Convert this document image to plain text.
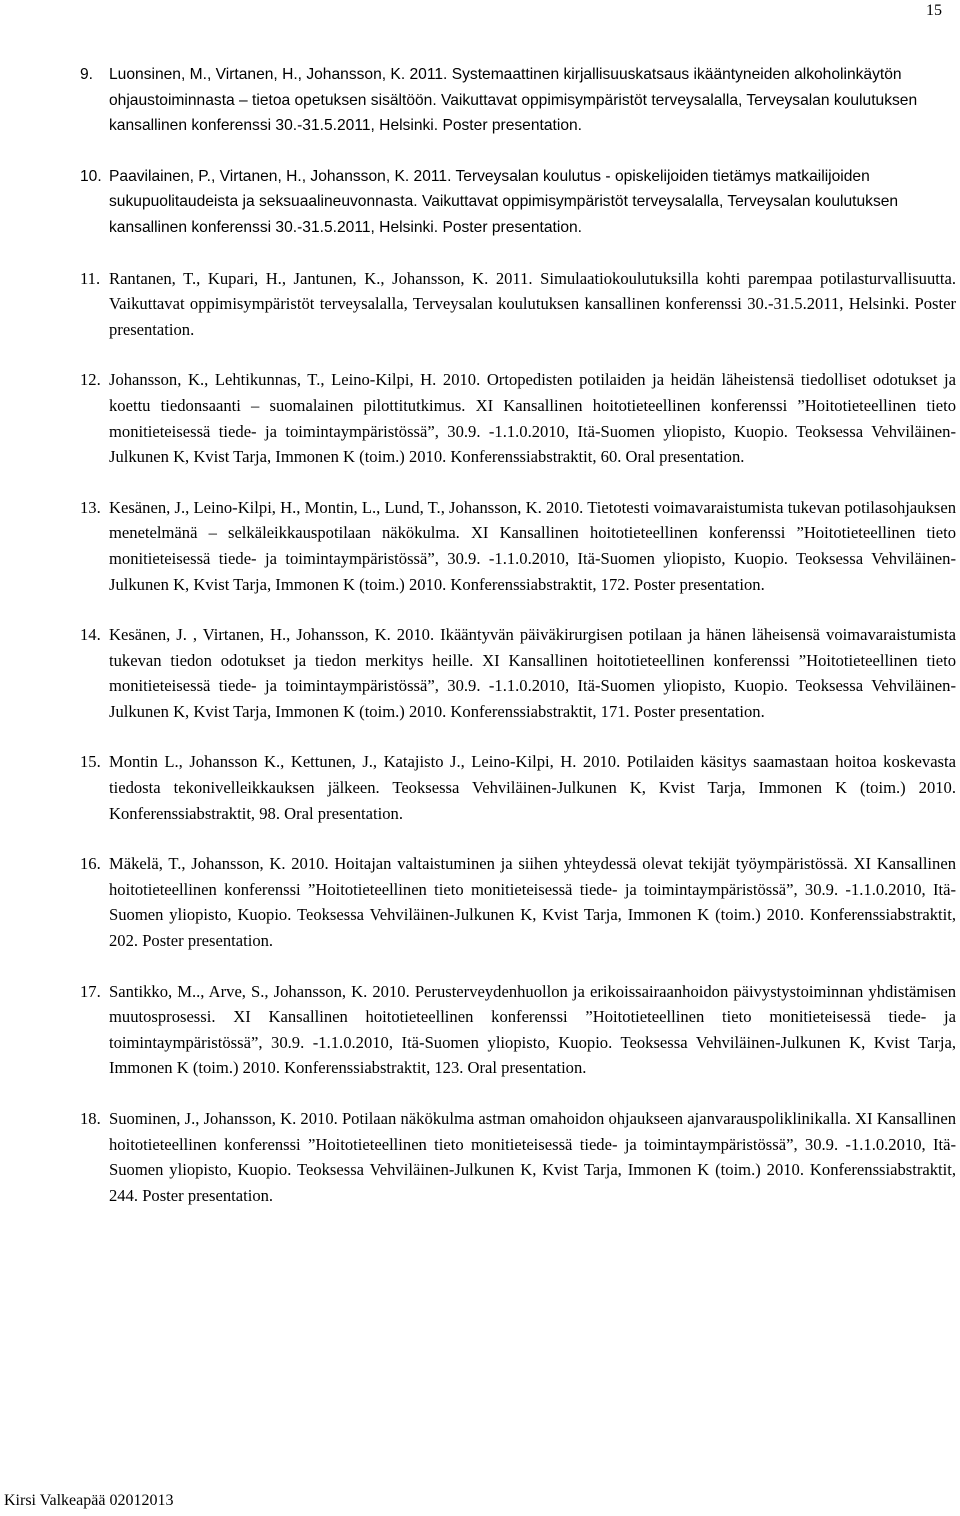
15
9. Luonsinen, M., Virtanen, H., Johansson, K. 2011. Systemaattinen kirjallisuuskatsaus ikääntyneiden alkoholinkäytön ohjaustoiminnasta – tietoa opetuksen sisältöön. Vaikuttavat oppimisympäristöt terveysalalla, Terveysalan koulutuksen kansallinen konferenssi 30.-31.5.2011, Helsinki. Poster presentation.
10. Paavilainen, P., Virtanen, H., Johansson, K. 2011. Terveysalan koulutus - opiskelijoiden tietämys matkailijoiden sukupuolitaudeista ja seksuaalineuvonnasta. Vaikuttavat oppimisympäristöt terveysalalla, Terveysalan koulutuksen kansallinen konferenssi 30.-31.5.2011, Helsinki. Poster presentation.
11. Rantanen, T., Kupari, H., Jantunen, K., Johansson, K. 2011. Simulaatiokoulutuksilla kohti parempaa potilasturvallisuutta. Vaikuttavat oppimisympäristöt terveysalalla, Terveysalan koulutuksen kansallinen konferenssi 30.-31.5.2011, Helsinki. Poster presentation.
12. Johansson, K., Lehtikunnas, T., Leino-Kilpi, H. 2010. Ortopedisten potilaiden ja heidän läheistensä tiedolliset odotukset ja koettu tiedonsaanti – suomalainen pilottitutkimus. XI Kansallinen hoitotieteellinen konferenssi ”Hoitotieteellinen tieto monitieteisessä tiede- ja toimintaympäristössä”, 30.9. -1.1.0.2010, Itä-Suomen yliopisto, Kuopio. Teoksessa Vehviläinen-Julkunen K, Kvist Tarja, Immonen K (toim.) 2010. Konferenssiabstraktit, 60. Oral presentation.
13. Kesänen, J., Leino-Kilpi, H., Montin, L., Lund, T., Johansson, K. 2010. Tietotesti voimavaraistumista tukevan potilasohjauksen menetelmänä – selkäleikkauspotilaan näkökulma. XI Kansallinen hoitotieteellinen konferenssi ”Hoitotieteellinen tieto monitieteisessä tiede- ja toimintaympäristössä”, 30.9. -1.1.0.2010, Itä-Suomen yliopisto, Kuopio. Teoksessa Vehviläinen-Julkunen K, Kvist Tarja, Immonen K (toim.) 2010. Konferenssiabstraktit, 172. Poster presentation.
14. Kesänen, J. , Virtanen, H., Johansson, K. 2010. Ikääntyvän päiväkirurgisen potilaan ja hänen läheisensä voimavaraistumista tukevan tiedon odotukset ja tiedon merkitys heille. XI Kansallinen hoitotieteellinen konferenssi ”Hoitotieteellinen tieto monitieteisessä tiede- ja toimintaympäristössä”, 30.9. -1.1.0.2010, Itä-Suomen yliopisto, Kuopio. Teoksessa Vehviläinen-Julkunen K, Kvist Tarja, Immonen K (toim.) 2010. Konferenssiabstraktit, 171. Poster presentation.
15. Montin L., Johansson K., Kettunen, J., Katajisto J., Leino-Kilpi, H. 2010. Potilaiden käsitys saamastaan hoitoa koskevasta tiedosta tekonivelleikkauksen jälkeen. Teoksessa Vehviläinen-Julkunen K, Kvist Tarja, Immonen K (toim.) 2010. Konferenssiabstraktit, 98. Oral presentation.
16. Mäkelä, T., Johansson, K. 2010. Hoitajan valtaistuminen ja siihen yhteydessä olevat tekijät työympäristössä. XI Kansallinen hoitotieteellinen konferenssi ”Hoitotieteellinen tieto monitieteisessä tiede- ja toimintaympäristössä”, 30.9. -1.1.0.2010, Itä-Suomen yliopisto, Kuopio. Teoksessa Vehviläinen-Julkunen K, Kvist Tarja, Immonen K (toim.) 2010. Konferenssiabstraktit, 202. Poster presentation.
17. Santikko, M.., Arve, S., Johansson, K. 2010. Perusterveydenhuollon ja erikoissairaanhoidon päivystystoiminnan yhdistämisen muutosprosessi. XI Kansallinen hoitotieteellinen konferenssi ”Hoitotieteellinen tieto monitieteisessä tiede- ja toimintaympäristössä”, 30.9. -1.1.0.2010, Itä-Suomen yliopisto, Kuopio. Teoksessa Vehviläinen-Julkunen K, Kvist Tarja, Immonen K (toim.) 2010. Konferenssiabstraktit, 123. Oral presentation.
18. Suominen, J., Johansson, K. 2010. Potilaan näkökulma astman omahoidon ohjaukseen ajanvarauspoliklinikalla. XI Kansallinen hoitotieteellinen konferenssi ”Hoitotieteellinen tieto monitieteisessä tiede- ja toimintaympäristössä”, 30.9. -1.1.0.2010, Itä-Suomen yliopisto, Kuopio. Teoksessa Vehviläinen-Julkunen K, Kvist Tarja, Immonen K (toim.) 2010. Konferenssiabstraktit, 244. Poster presentation.
Kirsi Valkeapää 02012013
